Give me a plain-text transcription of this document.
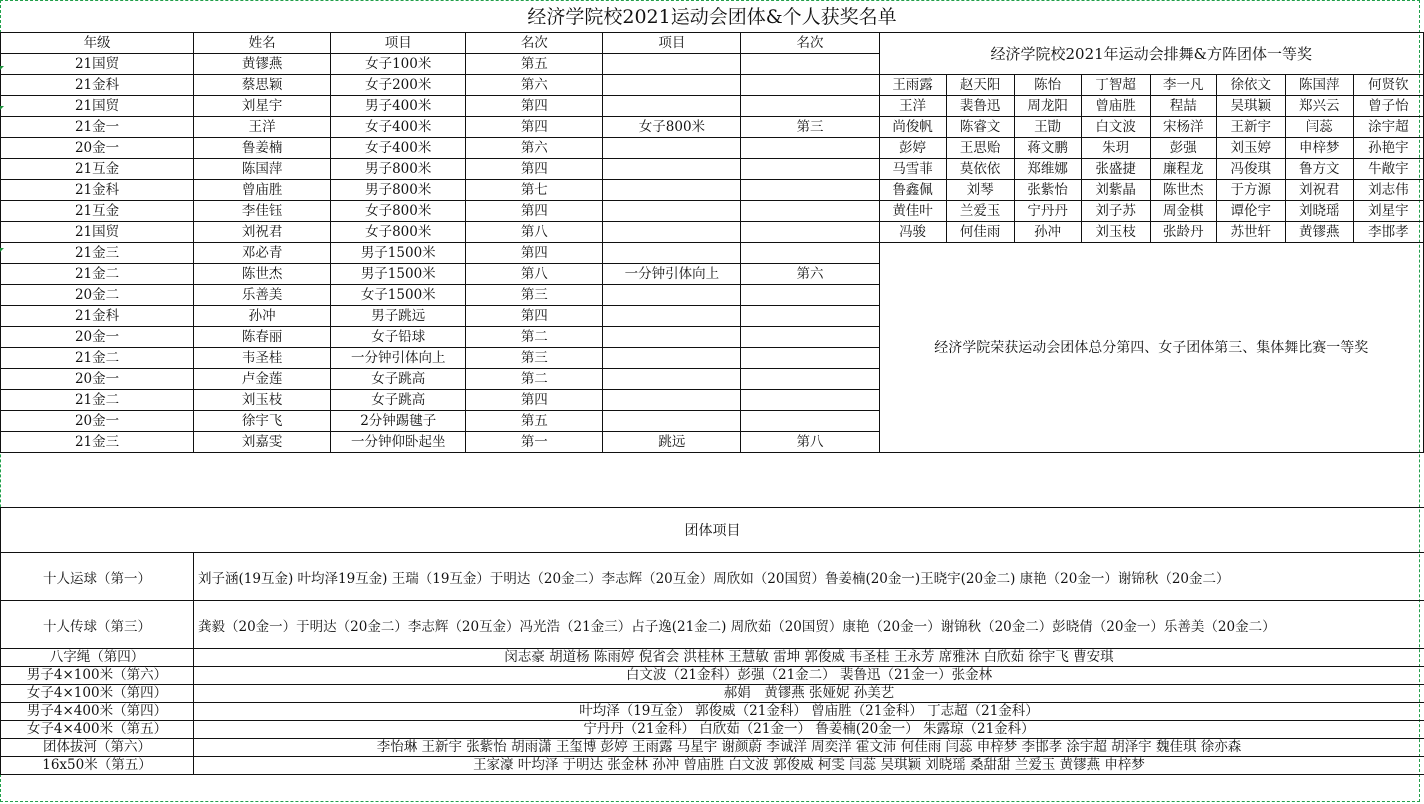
经济学院校2021运动会团体&个人获奖名单
年级	姓名	项目	名次	项目	名次	经济学院校2021年运动会排舞&方阵团体一等奖							
21国贸	黄镠燕	女子100米	第五										
21金科	蔡思颖	女子200米	第六			王雨露	赵天阳	陈怡	丁智超	李一凡	徐依文	陈国萍	何贤钦
21国贸	刘星宇	男子400米	第四			王洋	裴鲁迅	周龙阳	曾庙胜	程喆	吴琪颖	郑兴云	曾子怡
21金一	王洋	女子400米	第四	女子800米	第三	尚俊帆	陈睿文	王勖	白文波	宋杨洋	王新宇	闫蕊	涂宇超
20金一	鲁姜楠	女子400米	第六			彭婷	王思贻	蒋文鹏	朱玥	彭强	刘玉婷	申梓梦	孙艳宇
21互金	陈国萍	男子800米	第四			马雪菲	莫依依	郑维娜	张盛捷	廉程龙	冯俊琪	鲁方文	牛敞宇
21金科	曾庙胜	男子800米	第七			鲁鑫佩	刘琴	张紫怡	刘紫晶	陈世杰	于方源	刘祝君	刘志伟
21互金	李佳钰	女子800米	第四			黄佳叶	兰爱玉	宁丹丹	刘子苏	周金棋	谭伦宇	刘晓瑶	刘星宇
21国贸	刘祝君	女子800米	第八			冯骏	何佳雨	孙冲	刘玉枝	张龄丹	苏世轩	黄镠燕	李邯孝
21金三	邓必青	男子1500米	第四			经济学院荣获运动会团体总分第四、女子团体第三、集体舞比赛一等奖							
21金二	陈世杰	男子1500米	第八	一分钟引体向上	第六								
20金二	乐善美	女子1500米	第三										
21金科	孙冲	男子跳远	第四										
20金一	陈春丽	女子铅球	第二										
21金二	韦圣桂	一分钟引体向上	第三										
20金一	卢金莲	女子跳高	第二										
21金二	刘玉枝	女子跳高	第四										
20金一	徐宇飞	2分钟踢毽子	第五										
21金三	刘嘉雯	一分钟仰卧起坐	第一	跳远	第八								
团体项目	
十人运球（第一）	刘子涵(19互金) 叶均泽19互金) 王瑞（19互金）于明达（20金二）李志辉（20互金）周欣如（20国贸）鲁姜楠(20金一)王晓宇(20金二) 康艳（20金一）谢锦秋（20金二）
十人传球（第三）	龚毅（20金一）于明达（20金二）李志辉（20互金）冯光浩（21金三）占子逸(21金二) 周欣茹（20国贸）康艳（20金一）谢锦秋（20金二）彭晓倩（20金一）乐善美（20金二）
八字绳（第四）	闵志豪 胡道杨 陈雨婷 倪省会 洪桂林 王慧敏 雷坤 郭俊威 韦圣桂 王永芳 席雅沐 白欣茹 徐宇飞 曹安琪
男子4×100米（第六）	白文波（21金科）彭强（21金二） 裴鲁迅（21金一）张金林
女子4×100米（第四）	郝娟　黄镠燕 张娅妮 孙美艺
男子4×400米（第四）	叶均泽（19互金） 郭俊威（21金科） 曾庙胜（21金科） 丁志超（21金科）
女子4×400米（第五）	宁丹丹（21金科） 白欣茹（21金一） 鲁姜楠(20金一） 朱露琼（21金科）
团体拔河（第六）	李怡琳 王新宇 张紫怡 胡雨潇 王玺博 彭婷 王雨露 马星宇 谢颜蔚 李诚洋 周奕洋 霍文沛 何佳雨 闫蕊 申梓梦 李邯孝 涂宇超 胡泽宇 魏佳琪 徐亦森
16x50米（第五）	王家濠 叶均泽 于明达 张金林 孙冲 曾庙胜 白文波 郭俊威 柯雯 闫蕊 吴琪颖 刘晓瑶 桑甜甜 兰爱玉 黄镠燕 申梓梦
